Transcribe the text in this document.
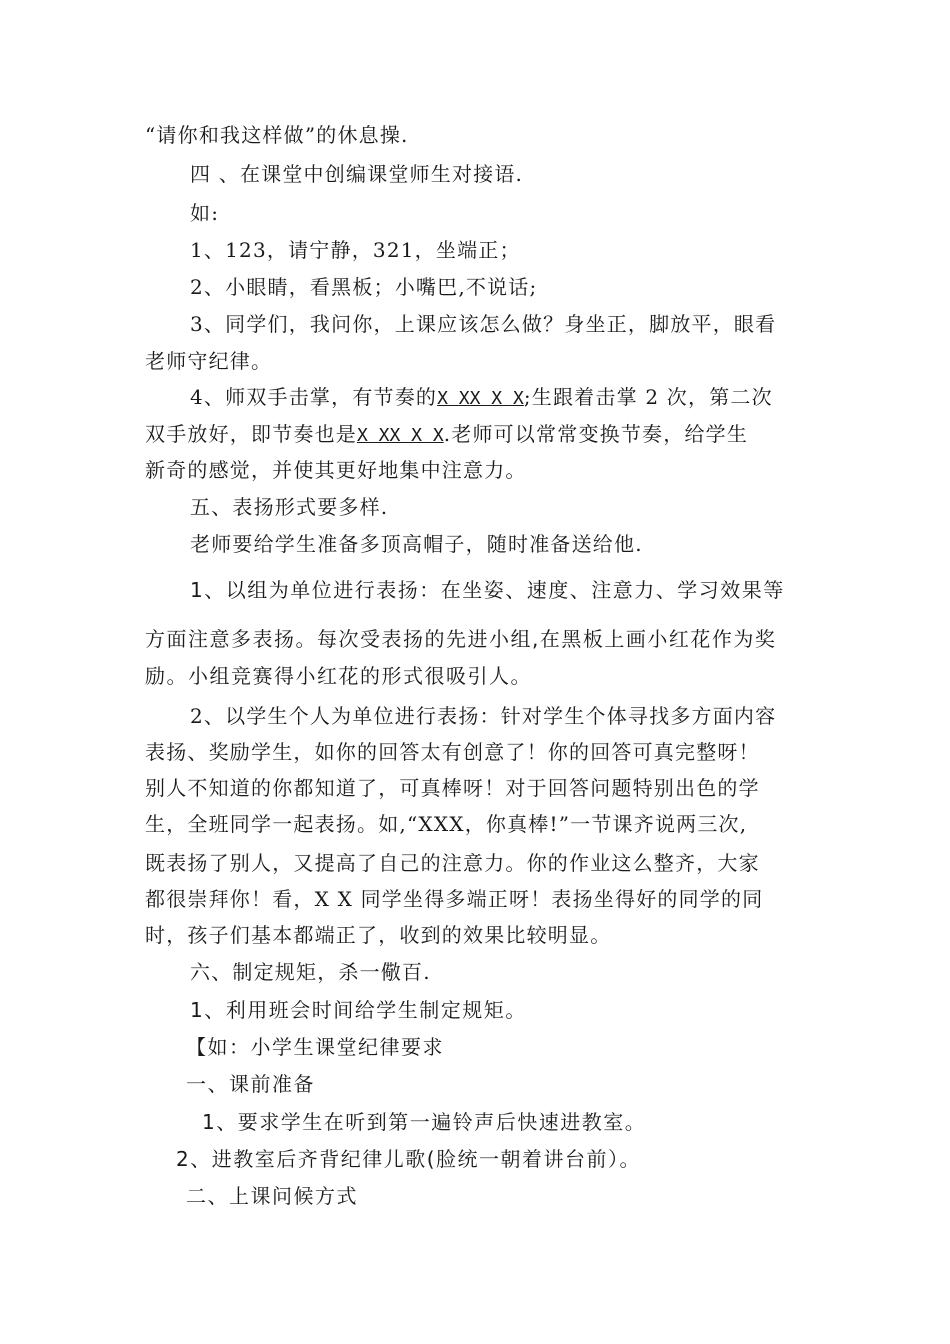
“请你和我这样做”的休息操.
四 、在课堂中创编课堂师生对接语.
如:
1、123，请宁静，321，坐端正；
2、小眼睛，看黑板；小嘴巴,不说话;
3、同学们，我问你，上课应该怎么做？身坐正，脚放平，眼看
老师守纪律。
4、师双手击掌，有节奏的X XX X X;生跟着击掌 2 次，第二次
双手放好，即节奏也是X XX X X.老师可以常常变换节奏，给学生
新奇的感觉，并使其更好地集中注意力。
五、表扬形式要多样.
老师要给学生准备多顶高帽子，随时准备送给他.
1、以组为单位进行表扬：在坐姿、速度、注意力、学习效果等
方面注意多表扬。每次受表扬的先进小组,在黑板上画小红花作为奖
励。小组竞赛得小红花的形式很吸引人。
2、以学生个人为单位进行表扬：针对学生个体寻找多方面内容
表扬、奖励学生，如你的回答太有创意了！你的回答可真完整呀！
别人不知道的你都知道了，可真棒呀！对于回答问题特别出色的学
生，全班同学一起表扬。如,“XXX，你真棒!”一节课齐说两三次,
既表扬了别人，又提高了自己的注意力。你的作业这么整齐，大家
都很崇拜你！看，X X 同学坐得多端正呀！表扬坐得好的同学的同
时，孩子们基本都端正了，收到的效果比较明显。
六、制定规矩，杀一儆百.
1、利用班会时间给学生制定规矩。
【如：小学生课堂纪律要求
一、课前准备
1、要求学生在听到第一遍铃声后快速进教室。
2、进教室后齐背纪律儿歌(脸统一朝着讲台前）。
二、上课问候方式
